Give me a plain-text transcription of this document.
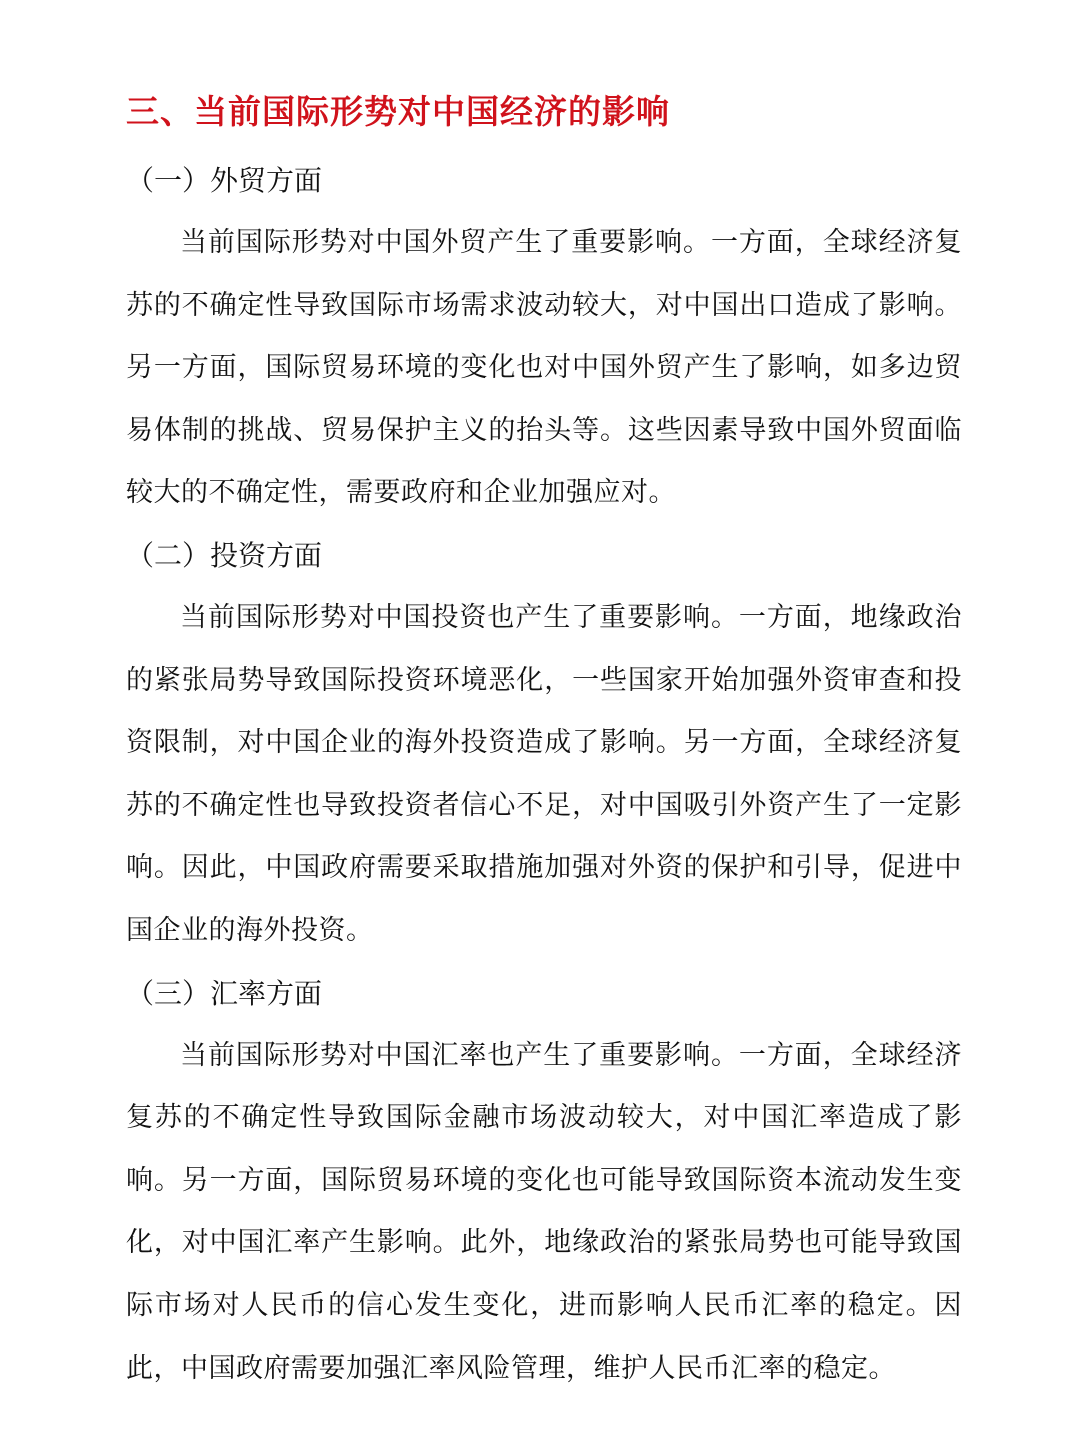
三、当前国际形势对中国经济的影响
（一）外贸方面

当前国际形势对中国外贸产生了重要影响。一方面，全球经济复苏的不确定性导致国际市场需求波动较大，对中国出口造成了影响。另一方面，国际贸易环境的变化也对中国外贸产生了影响，如多边贸易体制的挑战、贸易保护主义的抬头等。这些因素导致中国外贸面临较大的不确定性，需要政府和企业加强应对。

（二）投资方面

当前国际形势对中国投资也产生了重要影响。一方面，地缘政治的紧张局势导致国际投资环境恶化，一些国家开始加强外资审查和投资限制，对中国企业的海外投资造成了影响。另一方面，全球经济复苏的不确定性也导致投资者信心不足，对中国吸引外资产生了一定影响。因此，中国政府需要采取措施加强对外资的保护和引导，促进中国企业的海外投资。

（三）汇率方面

当前国际形势对中国汇率也产生了重要影响。一方面，全球经济复苏的不确定性导致国际金融市场波动较大，对中国汇率造成了影响。另一方面，国际贸易环境的变化也可能导致国际资本流动发生变化，对中国汇率产生影响。此外，地缘政治的紧张局势也可能导致国际市场对人民币的信心发生变化，进而影响人民币汇率的稳定。因此，中国政府需要加强汇率风险管理，维护人民币汇率的稳定。
